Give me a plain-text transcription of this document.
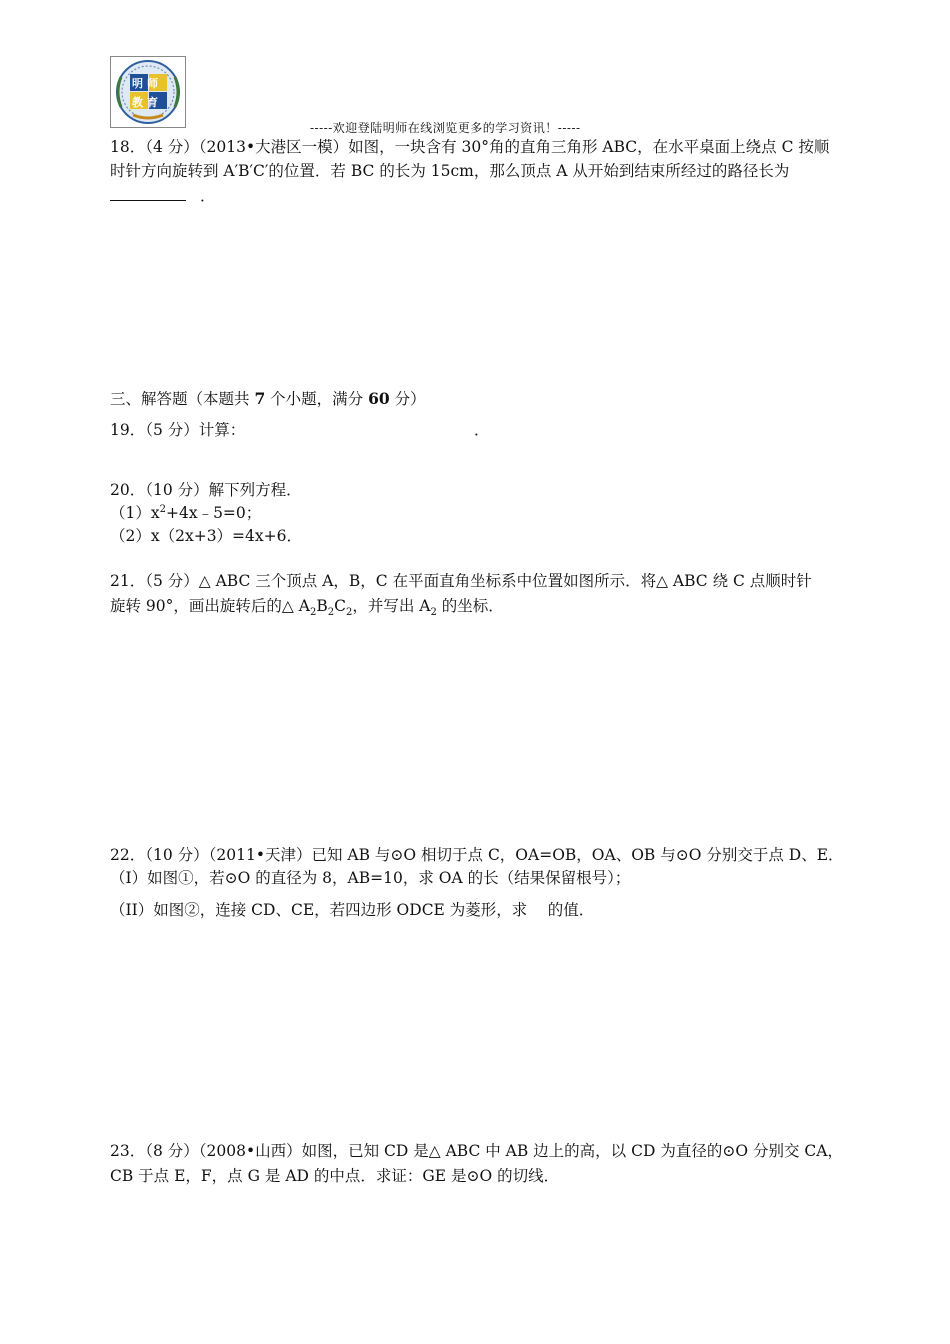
明师
教育
-----欢迎登陆明师在线浏览更多的学习资讯！-----
18．（4 分）（2013•大港区一模）如图，一块含有 30°角的直角三角形 ABC，在水平桌面上绕点 C 按顺
时针方向旋转到 A′B′C′的位置．若 BC 的长为 15cm，那么顶点 A 从开始到结束所经过的路径长为
．
三、解答题（本题共 7 个小题，满分 60 分）
19．（5 分）计算：	．
20．（10 分）解下列方程．
$(1)x^2+4x﹣5=0$；
（2）x（2x+3）=4x+6．
21．（5 分）△ ABC 三个顶点 A，B，C 在平面直角坐标系中位置如图所示．将△ ABC 绕 C 点顺时针
旋转 90°，画出旋转后的△ $A_2B_2C_2$，并写出 $A_2$ 的坐标．
22．（10 分）（2011•天津）已知 AB 与⊙O 相切于点 C，OA=OB，OA、OB 与⊙O 分别交于点 D、E．
（I）如图①，若⊙O 的直径为 8，AB=10，求 OA 的长（结果保留根号）；
（II）如图②，连接 CD、CE，若四边形 ODCE 为菱形，求　 的值．
23．（8 分）（2008•山西）如图，已知 CD 是△ ABC 中 AB 边上的高，以 CD 为直径的⊙O 分别交 CA，
CB 于点 E，F，点 G 是 AD 的中点．求证：GE 是⊙O 的切线．
